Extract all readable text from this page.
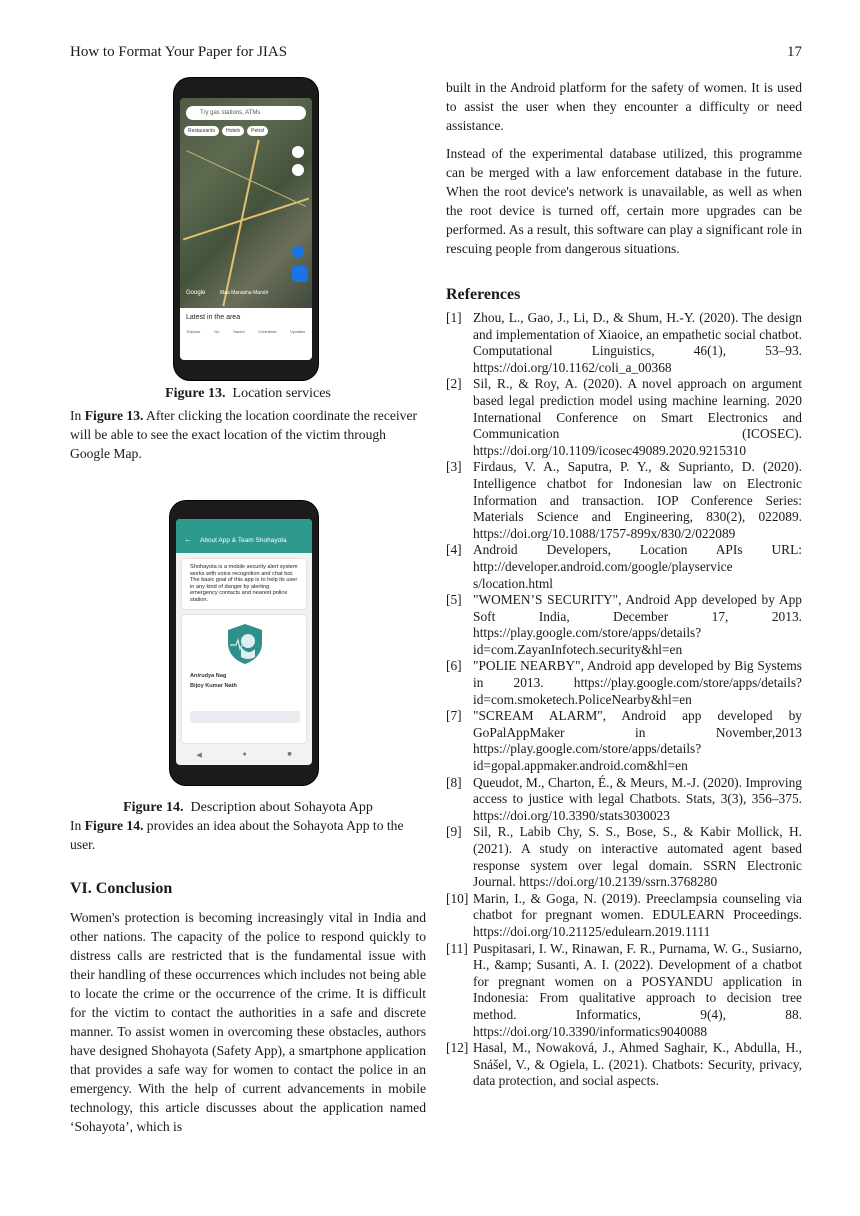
How to Format Your Paper for JIAS	17
Try gas stations, ATMs
Restaurants	Hotels	Petrol
Google	Maa Manasha Mandir
Latest in the area
Explore	Go	Saved	Contribute	Updates

Figure 13. Location services

In Figure 13. After clicking the location coordinate the receiver will be able to see the exact location of the victim through Google Map.

← About App & Team Shohayota
Shohayota is a mobile security alert system works with voice recognition and chat bot. The basic goal of this app is to help its user in any kind of danger by alerting emergency contacts and nearest police station.
Anirudya Nag
Bijoy Kumar Nath
◀	●	■

Figure 14. Description about Sohayota App

In Figure 14. provides an idea about the Sohayota App to the user.

VI. Conclusion

Women's protection is becoming increasingly vital in India and other nations. The capacity of the police to respond quickly to distress calls are restricted that is the fundamental issue with their handling of these occurrences which includes not being able to locate the crime or the occurrence of the crime. It is difficult for the victim to contact the authorities in a safe and discrete manner. To assist women in overcoming these obstacles, authors have designed Shohayota (Safety App), a smartphone application that provides a safe way for women to contact the police in an emergency. With the help of current advancements in mobile technology, this article discusses about the application named ‘Sohayota’, which is

built in the Android platform for the safety of women. It is used to assist the user when they encounter a difficulty or need assistance.

Instead of the experimental database utilized, this programme can be merged with a law enforcement database in the future. When the root device's network is unavailable, as well as when the root device is turned off, certain more upgrades can be performed. As a result, this software can play a significant role in rescuing people from dangerous situations.

References
[1] Zhou, L., Gao, J., Li, D., & Shum, H.-Y. (2020). The design and implementation of Xiaoice, an empathetic social chatbot. Computational Linguistics, 46(1), 53–93. https://doi.org/10.1162/coli_a_00368
[2] Sil, R., & Roy, A. (2020). A novel approach on argument based legal prediction model using machine learning. 2020 International Conference on Smart Electronics and Communication (ICOSEC). https://doi.org/10.1109/icosec49089.2020.9215310
[3] Firdaus, V. A., Saputra, P. Y., & Suprianto, D. (2020). Intelligence chatbot for Indonesian law on Electronic Information and transaction. IOP Conference Series: Materials Science and Engineering, 830(2), 022089. https://doi.org/10.1088/1757-899x/830/2/022089
[4] Android Developers, Location APIs URL: http://developer.android.com/google/playservice s/location.html
[5] "WOMEN’S SECURITY", Android App developed by App Soft India, December 17, 2013. https://play.google.com/store/apps/details?id=com.ZayanInfotech.security&hl=en
[6] "POLIE NEARBY", Android app developed by Big Systems in 2013. https://play.google.com/store/apps/details?id=com.smoketech.PoliceNearby&hl=en
[7] "SCREAM ALARM", Android app developed by GoPalAppMaker in November,2013 https://play.google.com/store/apps/details?id=gopal.appmaker.android.com&hl=en
[8] Queudot, M., Charton, É., & Meurs, M.-J. (2020). Improving access to justice with legal Chatbots. Stats, 3(3), 356–375. https://doi.org/10.3390/stats3030023
[9] Sil, R., Labib Chy, S. S., Bose, S., & Kabir Mollick, H. (2021). A study on interactive automated agent based response system over legal domain. SSRN Electronic Journal. https://doi.org/10.2139/ssrn.3768280
[10] Marin, I., & Goga, N. (2019). Preeclampsia counseling via chatbot for pregnant women. EDULEARN Proceedings. https://doi.org/10.21125/edulearn.2019.1111
[11] Puspitasari, I. W., Rinawan, F. R., Purnama, W. G., Susiarno, H., &amp; Susanti, A. I. (2022). Development of a chatbot for pregnant women on a POSYANDU application in Indonesia: From qualitative approach to decision tree method. Informatics, 9(4), 88. https://doi.org/10.3390/informatics9040088
[12] Hasal, M., Nowaková, J., Ahmed Saghair, K., Abdulla, H., Snášel, V., & Ogiela, L. (2021). Chatbots: Security, privacy, data protection, and social aspects.
